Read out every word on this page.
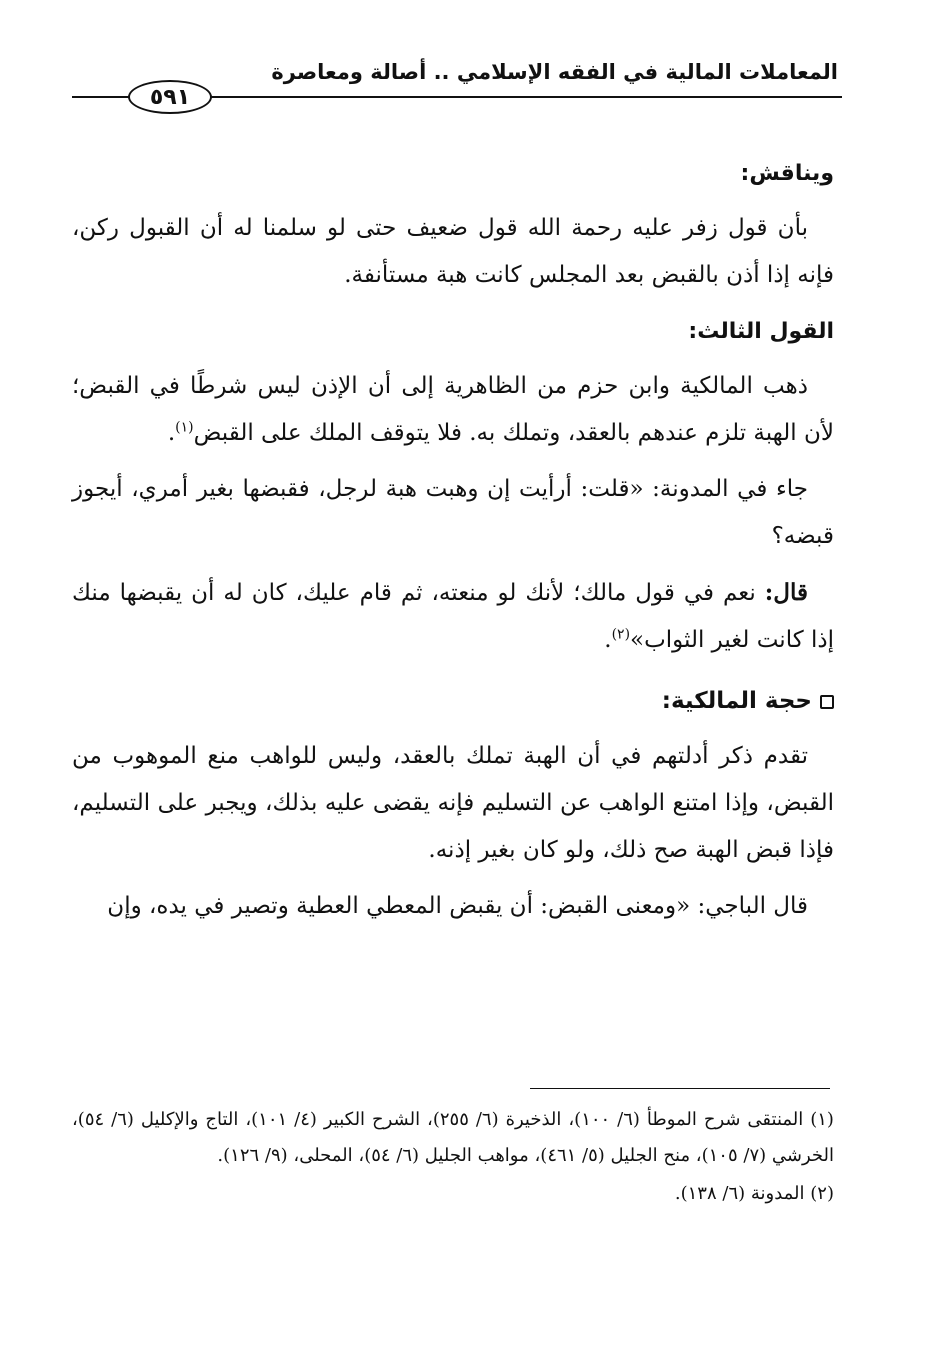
المعاملات المالية في الفقه الإسلامي .. أصالة ومعاصرة
٥٩١

ويناقش:

بأن قول زفر عليه رحمة الله قول ضعيف حتى لو سلمنا له أن القبول ركن، فإنه إذا أذن بالقبض بعد المجلس كانت هبة مستأنفة.

القول الثالث:

ذهب المالكية وابن حزم من الظاهرية إلى أن الإذن ليس شرطًا في القبض؛ لأن الهبة تلزم عندهم بالعقد، وتملك به. فلا يتوقف الملك على القبض$^{(١)}$.

جاء في المدونة: «قلت: أرأيت إن وهبت هبة لرجل، فقبضها بغير أمري، أيجوز قبضه؟

قال: نعم في قول مالك؛ لأنك لو منعته، ثم قام عليك، كان له أن يقبضها منك إذا كانت لغير الثواب»$^{(٢)}$.

حجة المالكية:

تقدم ذكر أدلتهم في أن الهبة تملك بالعقد، وليس للواهب منع الموهوب من القبض، وإذا امتنع الواهب عن التسليم فإنه يقضى عليه بذلك، ويجبر على التسليم، فإذا قبض الهبة صح ذلك، ولو كان بغير إذنه.

قال الباجي: «ومعنى القبض: أن يقبض المعطي العطية وتصير في يده، وإن

(١) المنتقى شرح الموطأ (٦/ ١٠٠)، الذخيرة (٦/ ٢٥٥)، الشرح الكبير (٤/ ١٠١)، التاج والإكليل (٦/ ٥٤)، الخرشي (٧/ ١٠٥)، منح الجليل (٥/ ٤٦١)، مواهب الجليل (٦/ ٥٤)، المحلى، (٩/ ١٢٦).

(٢) المدونة (٦/ ١٣٨).
